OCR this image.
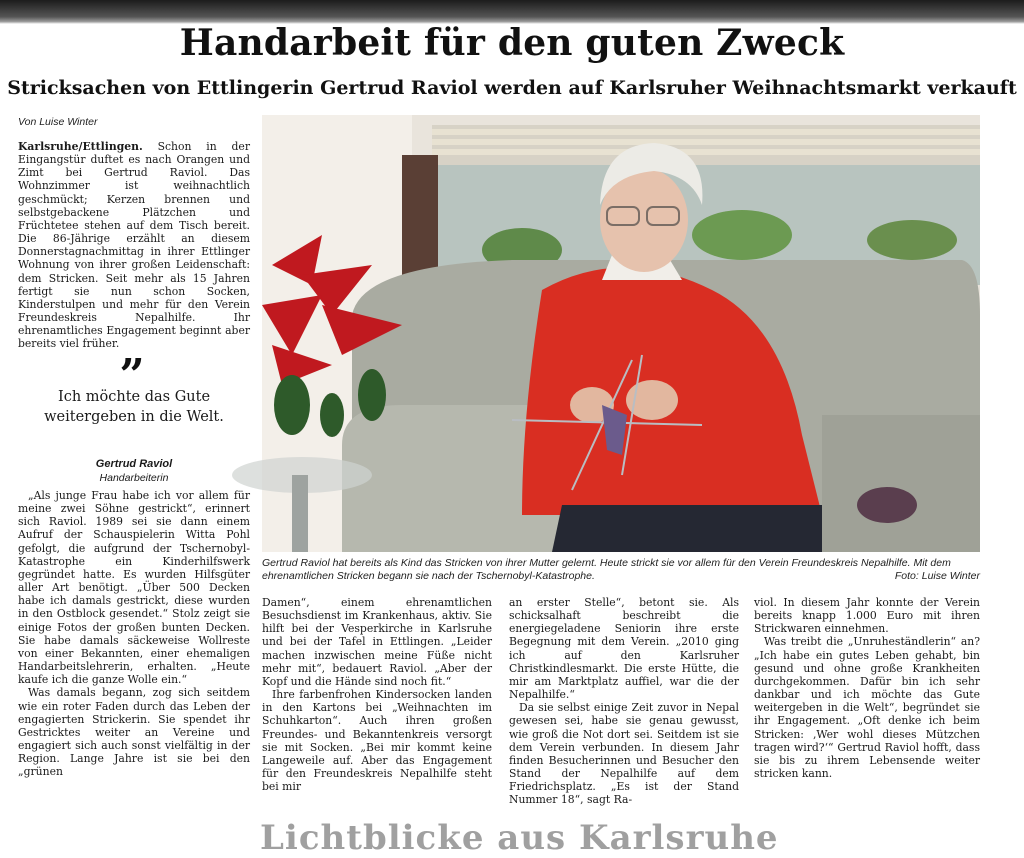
Handarbeit für den guten Zweck
Stricksachen von Ettlingerin Gertrud Raviol werden auf Karlsruher Weihnachtsmarkt verkauft
Von Luise Winter

Karlsruhe/Ettlingen. Schon in der Eingangstür duftet es nach Orangen und Zimt bei Gertrud Raviol. Das Wohnzimmer ist weihnachtlich geschmückt; Kerzen brennen und selbstgebackene Plätzchen und Früchtetee stehen auf dem Tisch bereit. Die 86-Jährige erzählt an diesem Donnerstagnachmittag in ihrer Ettlinger Wohnung von ihrer großen Leidenschaft: dem Stricken. Seit mehr als 15 Jahren fertigt sie nun schon Socken, Kinderstulpen und mehr für den Verein Freundeskreis Nepalhilfe. Ihr ehrenamtliches Engagement beginnt aber bereits viel früher.

”
Ich möchte das Gute weitergeben in die Welt.
Gertrud Raviol
Handarbeiterin

„Als junge Frau habe ich vor allem für meine zwei Söhne gestrickt“, erinnert sich Raviol. 1989 sei sie dann einem Aufruf der Schauspielerin Witta Pohl gefolgt, die aufgrund der Tschernobyl-Katastrophe ein Kinderhilfswerk gegründet hatte. Es wurden Hilfsgüter aller Art benötigt. „Über 500 Decken habe ich damals gestrickt, diese wurden in den Ostblock gesendet.“ Stolz zeigt sie einige Fotos der großen bunten Decken. Sie habe damals säckeweise Wollreste von einer Bekannten, einer ehemaligen Handarbeitslehrerin, erhalten. „Heute kaufe ich die ganze Wolle ein.“

Was damals begann, zog sich seitdem wie ein roter Faden durch das Leben der engagierten Strickerin. Sie spendet ihr Gestricktes weiter an Vereine und engagiert sich auch sonst vielfältig in der Region. Lange Jahre ist sie bei den „grünen

Gertrud Raviol hat bereits als Kind das Stricken von ihrer Mutter gelernt. Heute strickt sie vor allem für den Verein Freundeskreis Nepalhilfe. Mit dem ehrenamtlichen Stricken begann sie nach der Tschernobyl-Katastrophe.	Foto: Luise Winter

Damen“, einem ehrenamtlichen Besuchsdienst im Krankenhaus, aktiv. Sie hilft bei der Vesperkirche in Karlsruhe und bei der Tafel in Ettlingen. „Leider machen inzwischen meine Füße nicht mehr mit“, bedauert Raviol. „Aber der Kopf und die Hände sind noch fit.“

Ihre farbenfrohen Kindersocken landen in den Kartons bei „Weihnachten im Schuhkarton“. Auch ihren großen Freundes- und Bekanntenkreis versorgt sie mit Socken. „Bei mir kommt keine Langeweile auf. Aber das Engagement für den Freundeskreis Nepalhilfe steht bei mir

an erster Stelle“, betont sie. Als schicksalhaft beschreibt die energiegeladene Seniorin ihre erste Begegnung mit dem Verein. „2010 ging ich auf den Karlsruher Christkindlesmarkt. Die erste Hütte, die mir am Marktplatz auffiel, war die der Nepalhilfe.“

Da sie selbst einige Zeit zuvor in Nepal gewesen sei, habe sie genau gewusst, wie groß die Not dort sei. Seitdem ist sie dem Verein verbunden. In diesem Jahr finden Besucherinnen und Besucher den Stand der Nepalhilfe auf dem Friedrichsplatz. „Es ist der Stand Nummer 18“, sagt Ra-

viol. In diesem Jahr konnte der Verein bereits knapp 1.000 Euro mit ihren Strickwaren einnehmen.

Was treibt die „Unruheständlerin“ an? „Ich habe ein gutes Leben gehabt, bin gesund und ohne große Krankheiten durchgekommen. Dafür bin ich sehr dankbar und ich möchte das Gute weitergeben in die Welt“, begründet sie ihr Engagement. „Oft denke ich beim Stricken: ,Wer wohl dieses Mützchen tragen wird?‘“ Gertrud Raviol hofft, dass sie bis zu ihrem Lebensende weiter stricken kann.

Lichtblicke aus Karlsruhe
